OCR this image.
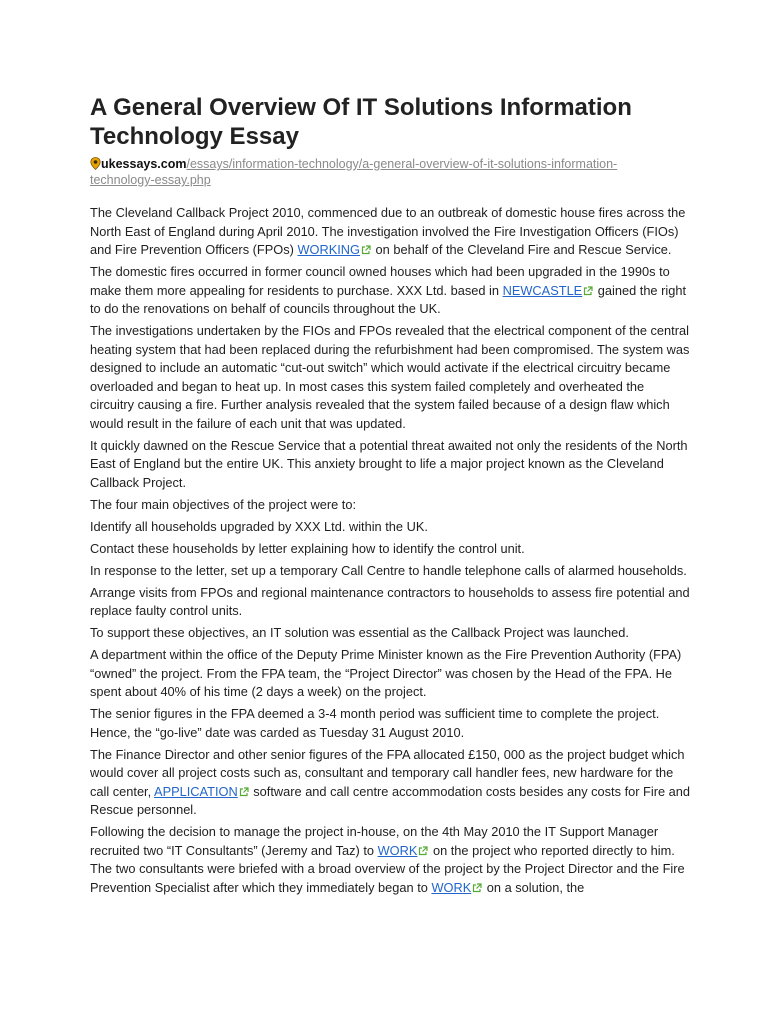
A General Overview Of IT Solutions Information Technology Essay
ukessays.com/essays/information-technology/a-general-overview-of-it-solutions-information-technology-essay.php

The Cleveland Callback Project 2010, commenced due to an outbreak of domestic house fires across the North East of England during April 2010. The investigation involved the Fire Investigation Officers (FIOs) and Fire Prevention Officers (FPOs) WORKING on behalf of the Cleveland Fire and Rescue Service.

The domestic fires occurred in former council owned houses which had been upgraded in the 1990s to make them more appealing for residents to purchase. XXX Ltd. based in NEWCASTLE gained the right to do the renovations on behalf of councils throughout the UK.

The investigations undertaken by the FIOs and FPOs revealed that the electrical component of the central heating system that had been replaced during the refurbishment had been compromised. The system was designed to include an automatic “cut-out switch” which would activate if the electrical circuitry became overloaded and began to heat up. In most cases this system failed completely and overheated the circuitry causing a fire. Further analysis revealed that the system failed because of a design flaw which would result in the failure of each unit that was updated.

It quickly dawned on the Rescue Service that a potential threat awaited not only the residents of the North East of England but the entire UK. This anxiety brought to life a major project known as the Cleveland Callback Project.

The four main objectives of the project were to:

Identify all households upgraded by XXX Ltd. within the UK.

Contact these households by letter explaining how to identify the control unit.

In response to the letter, set up a temporary Call Centre to handle telephone calls of alarmed households.

Arrange visits from FPOs and regional maintenance contractors to households to assess fire potential and replace faulty control units.

To support these objectives, an IT solution was essential as the Callback Project was launched.

A department within the office of the Deputy Prime Minister known as the Fire Prevention Authority (FPA) “owned” the project. From the FPA team, the “Project Director” was chosen by the Head of the FPA. He spent about 40% of his time (2 days a week) on the project.

The senior figures in the FPA deemed a 3-4 month period was sufficient time to complete the project. Hence, the “go-live” date was carded as Tuesday 31 August 2010.

The Finance Director and other senior figures of the FPA allocated £150, 000 as the project budget which would cover all project costs such as, consultant and temporary call handler fees, new hardware for the call center, APPLICATION software and call centre accommodation costs besides any costs for Fire and Rescue personnel.

Following the decision to manage the project in-house, on the 4th May 2010 the IT Support Manager recruited two “IT Consultants” (Jeremy and Taz) to WORK on the project who reported directly to him. The two consultants were briefed with a broad overview of the project by the Project Director and the Fire Prevention Specialist after which they immediately began to WORK on a solution, the
